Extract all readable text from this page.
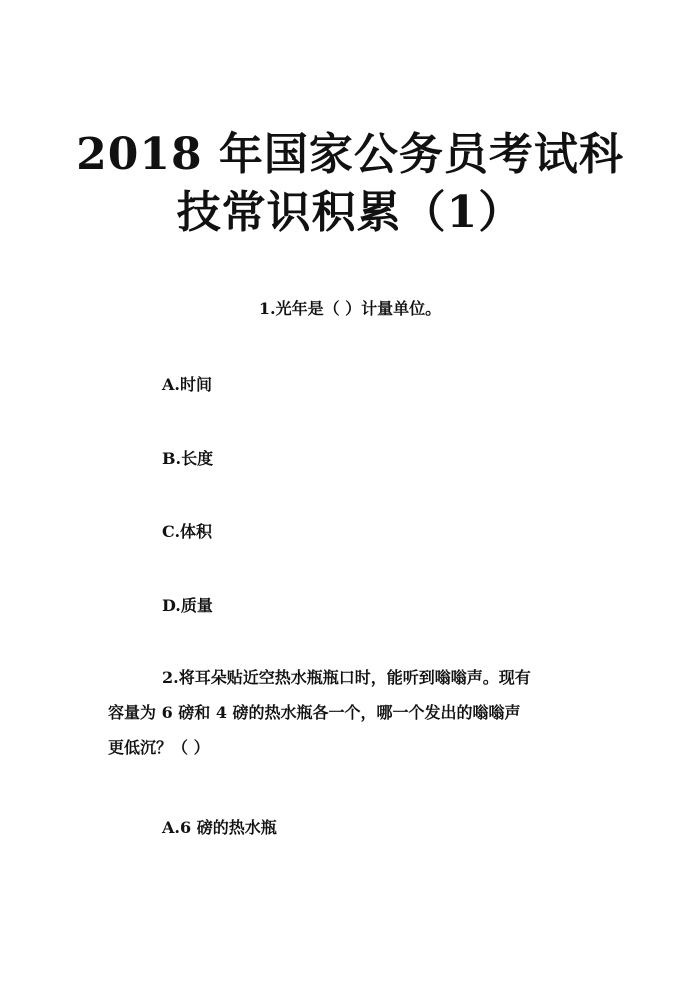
2018 年国家公务员考试科
技常识积累（1）
1.光年是（ ）计量单位。
A.时间
B.长度
C.体积
D.质量
2.将耳朵贴近空热水瓶瓶口时，能听到嗡嗡声。现有
容量为 6 磅和 4 磅的热水瓶各一个，哪一个发出的嗡嗡声
更低沉？（ ）
A.6 磅的热水瓶
